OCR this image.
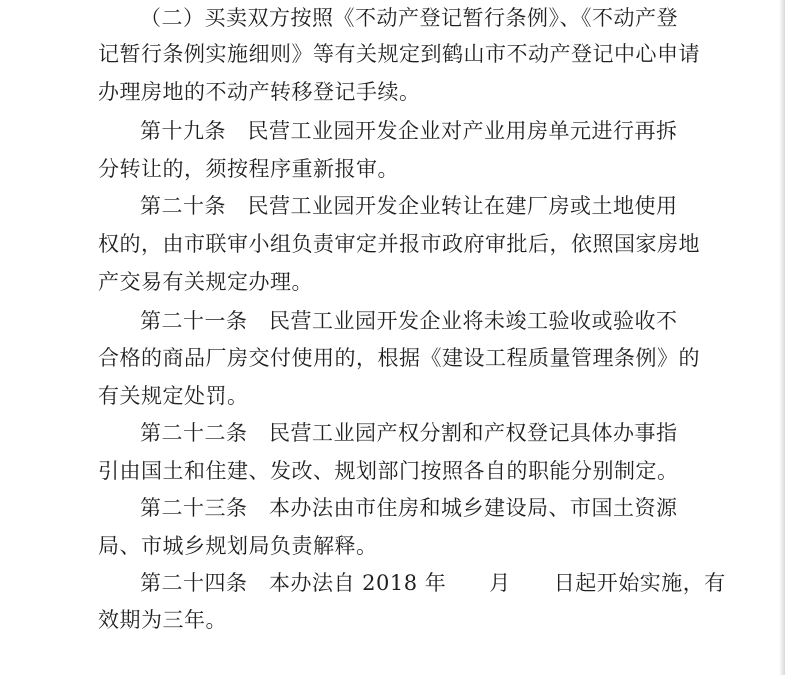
（二）买卖双方按照《不动产登记暂行条例》、《不动产登
记暂行条例实施细则》等有关规定到鹤山市不动产登记中心申请
办理房地的不动产转移登记手续。
第十九条　民营工业园开发企业对产业用房单元进行再拆
分转让的，须按程序重新报审。
第二十条　民营工业园开发企业转让在建厂房或土地使用
权的，由市联审小组负责审定并报市政府审批后，依照国家房地
产交易有关规定办理。
第二十一条　民营工业园开发企业将未竣工验收或验收不
合格的商品厂房交付使用的，根据《建设工程质量管理条例》的
有关规定处罚。
第二十二条　民营工业园产权分割和产权登记具体办事指
引由国土和住建、发改、规划部门按照各自的职能分别制定。
第二十三条　本办法由市住房和城乡建设局、市国土资源
局、市城乡规划局负责解释。
第二十四条　本办法自 2018 年　　月　　日起开始实施，有
效期为三年。
